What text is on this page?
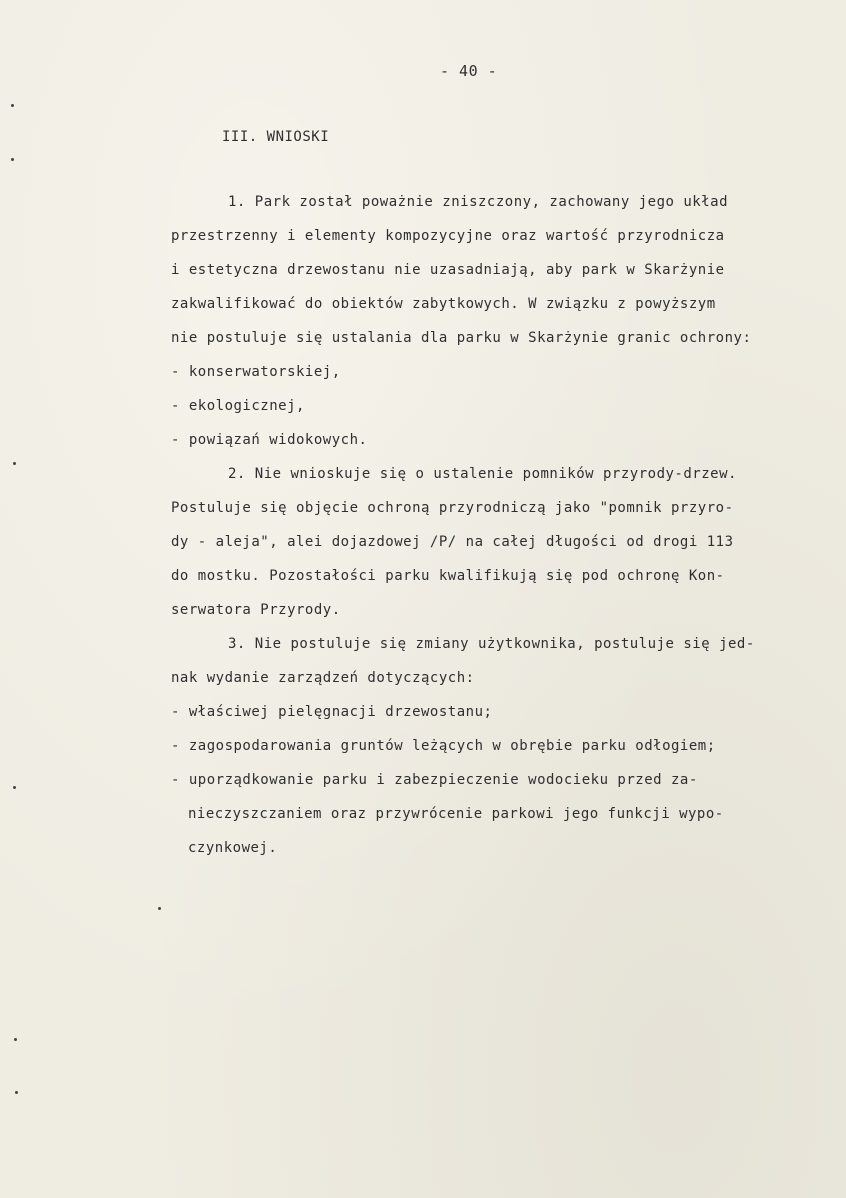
- 40 -

III. WNIOSKI

1. Park został poważnie zniszczony, zachowany jego układ

przestrzenny i elementy kompozycyjne oraz wartość przyrodnicza

i estetyczna drzewostanu nie uzasadniają, aby park w Skarżynie

zakwalifikować do obiektów zabytkowych. W związku z powyższym

nie postuluje się ustalania dla parku w Skarżynie granic ochrony:

- konserwatorskiej,

- ekologicznej,

- powiązań widokowych.

2. Nie wnioskuje się o ustalenie pomników przyrody-drzew.

Postuluje się objęcie ochroną przyrodniczą jako "pomnik przyro-

dy - aleja", alei dojazdowej /P/ na całej długości od drogi 113

do mostku. Pozostałości parku kwalifikują się pod ochronę Kon-

serwatora Przyrody.

3. Nie postuluje się zmiany użytkownika, postuluje się jed-

nak wydanie zarządzeń dotyczących:

- właściwej pielęgnacji drzewostanu;

- zagospodarowania gruntów leżących w obrębie parku odłogiem;

- uporządkowanie parku i zabezpieczenie wodocieku przed za-

nieczyszczaniem oraz przywrócenie parkowi jego funkcji wypo-

czynkowej.
